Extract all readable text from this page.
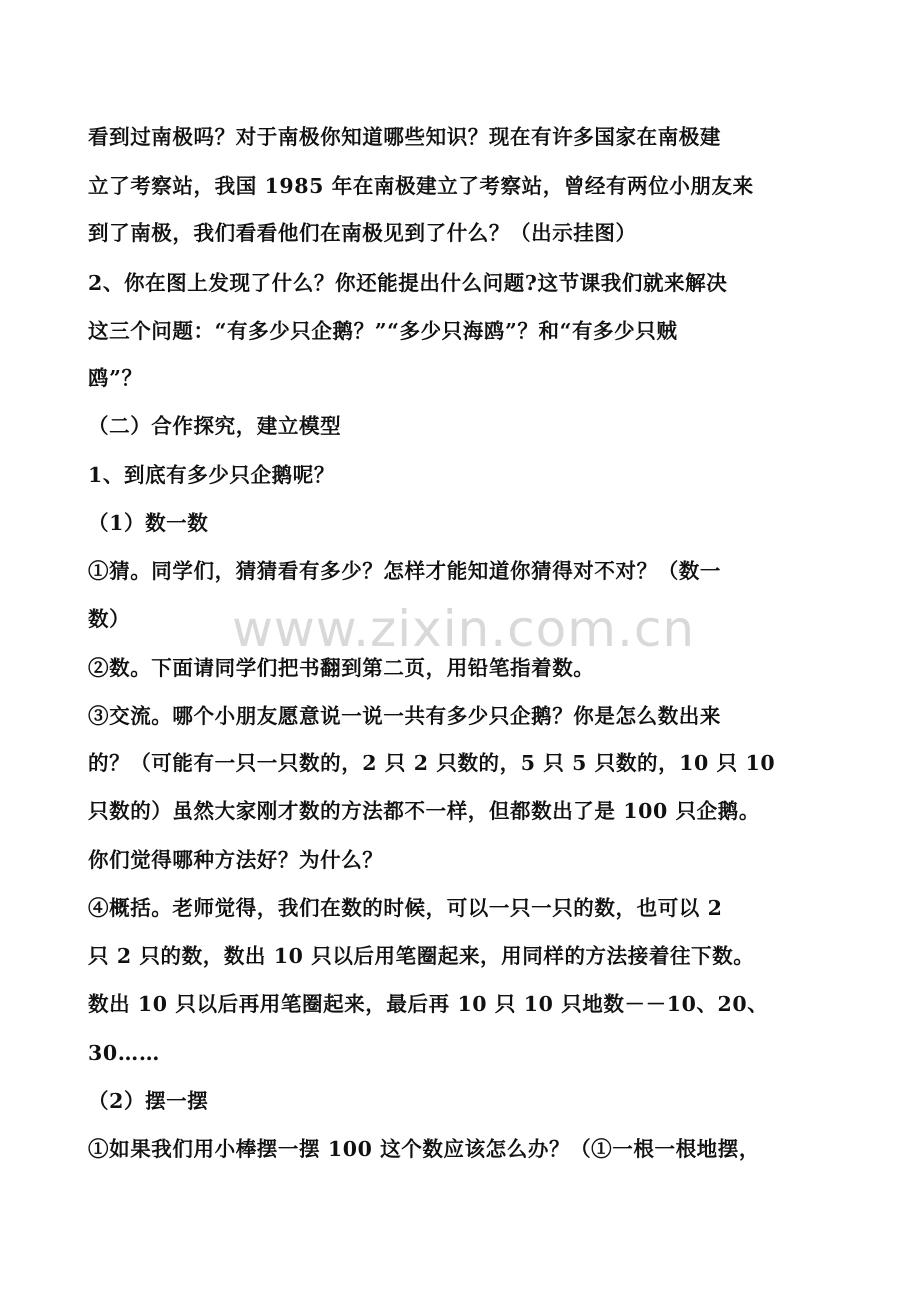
看到过南极吗？对于南极你知道哪些知识？现在有许多国家在南极建
立了考察站，我国 1985 年在南极建立了考察站，曾经有两位小朋友来
到了南极，我们看看他们在南极见到了什么？（出示挂图）
2、你在图上发现了什么？你还能提出什么问题?这节课我们就来解决
这三个问题：“有多少只企鹅？”“多少只海鸥”？和“有多少只贼
鸥”？
（二）合作探究，建立模型
1、到底有多少只企鹅呢？
（1）数一数
①猜。同学们，猜猜看有多少？怎样才能知道你猜得对不对？（数一
数）
②数。下面请同学们把书翻到第二页，用铅笔指着数。
③交流。哪个小朋友愿意说一说一共有多少只企鹅？你是怎么数出来
的？（可能有一只一只数的，2 只 2 只数的，5 只 5 只数的，10 只 10
只数的）虽然大家刚才数的方法都不一样，但都数出了是 100 只企鹅。
你们觉得哪种方法好？为什么？
④概括。老师觉得，我们在数的时候，可以一只一只的数，也可以 2
只 2 只的数，数出 10 只以后用笔圈起来，用同样的方法接着往下数。
数出 10 只以后再用笔圈起来，最后再 10 只 10 只地数－－10、20、
30……
（2）摆一摆
①如果我们用小棒摆一摆 100 这个数应该怎么办？（①一根一根地摆，
www.zixin.com.cn
